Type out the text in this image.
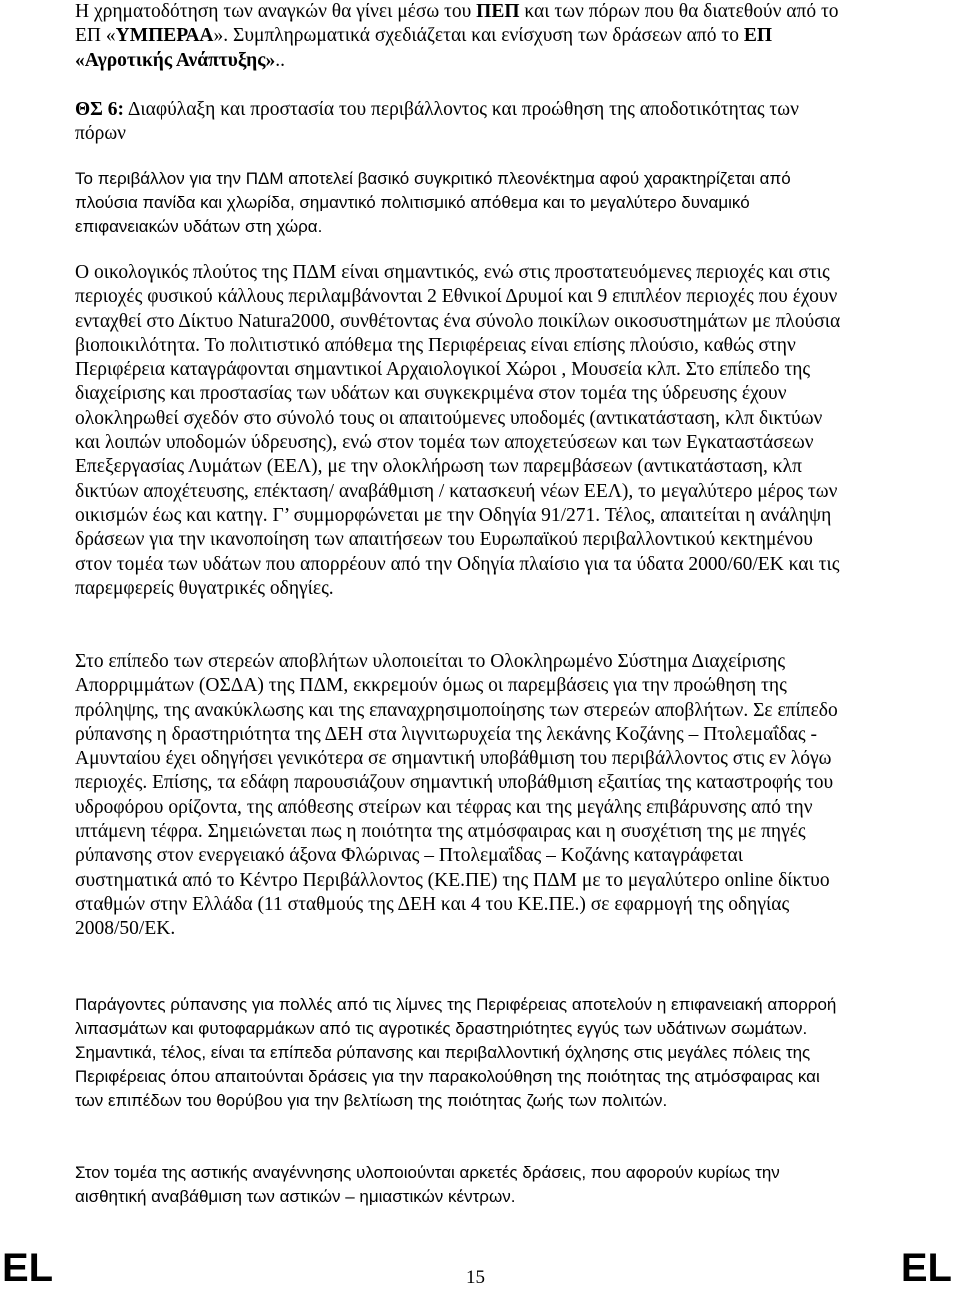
Η χρηματοδότηση των αναγκών θα γίνει μέσω του ΠΕΠ και των πόρων που θα διατεθούν από το ΕΠ «ΥΜΠΕΡΑΑ». Συμπληρωματικά σχεδιάζεται και ενίσχυση των δράσεων από το ΕΠ «Αγροτικής Ανάπτυξης»..

ΘΣ 6: Διαφύλαξη και προστασία του περιβάλλοντος και προώθηση της αποδοτικότητας των πόρων

Το περιβάλλον για την ΠΔΜ αποτελεί βασικό συγκριτικό πλεονέκτημα αφού χαρακτηρίζεται από πλούσια πανίδα και χλωρίδα, σημαντικό πολιτισμικό απόθεμα και το μεγαλύτερο δυναμικό επιφανειακών υδάτων στη χώρα.

Ο οικολογικός πλούτος της ΠΔΜ είναι σημαντικός, ενώ στις προστατευόμενες περιοχές και στις περιοχές φυσικού κάλλους περιλαμβάνονται 2 Εθνικοί Δρυμοί και 9 επιπλέον περιοχές που έχουν ενταχθεί στο Δίκτυο Natura2000, συνθέτοντας ένα σύνολο ποικίλων οικοσυστημάτων με πλούσια βιοποικιλότητα. Το πολιτιστικό απόθεμα της Περιφέρειας είναι επίσης πλούσιο, καθώς στην Περιφέρεια καταγράφονται σημαντικοί Αρχαιολογικοί Χώροι , Μουσεία κλπ. Στο επίπεδο της διαχείρισης και προστασίας των υδάτων και συγκεκριμένα στον τομέα της ύδρευσης έχουν ολοκληρωθεί σχεδόν στο σύνολό τους οι απαιτούμενες υποδομές (αντικατάσταση, κλπ δικτύων και λοιπών υποδομών ύδρευσης), ενώ στον τομέα των αποχετεύσεων και των Εγκαταστάσεων Επεξεργασίας Λυμάτων (ΕΕΛ), με την ολοκλήρωση των παρεμβάσεων (αντικατάσταση, κλπ δικτύων αποχέτευσης, επέκταση/ αναβάθμιση / κατασκευή νέων ΕΕΛ), το μεγαλύτερο μέρος των οικισμών έως και κατηγ. Γ’ συμμορφώνεται με την Οδηγία 91/271. Τέλος, απαιτείται η ανάληψη δράσεων για την ικανοποίηση των απαιτήσεων του Ευρωπαϊκού περιβαλλοντικού κεκτημένου στον τομέα των υδάτων που απορρέουν από την Οδηγία πλαίσιο για τα ύδατα 2000/60/ΕΚ και τις παρεμφερείς θυγατρικές οδηγίες.

Στο επίπεδο των στερεών αποβλήτων υλοποιείται το Ολοκληρωμένο Σύστημα Διαχείρισης Απορριμμάτων (ΟΣΔΑ) της ΠΔΜ, εκκρεμούν όμως οι παρεμβάσεις για την προώθηση της πρόληψης, της ανακύκλωσης και της επαναχρησιμοποίησης των στερεών αποβλήτων. Σε επίπεδο ρύπανσης η δραστηριότητα της ΔΕΗ στα λιγνιτωρυχεία της λεκάνης Κοζάνης – Πτολεμαΐδας - Αμυνταίου έχει οδηγήσει γενικότερα σε σημαντική υποβάθμιση του περιβάλλοντος στις εν λόγω περιοχές. Επίσης, τα εδάφη παρουσιάζουν σημαντική υποβάθμιση εξαιτίας της καταστροφής του υδροφόρου ορίζοντα, της απόθεσης στείρων και τέφρας και της μεγάλης επιβάρυνσης από την ιπτάμενη τέφρα. Σημειώνεται πως η ποιότητα της ατμόσφαιρας και η συσχέτιση της με πηγές ρύπανσης στον ενεργειακό άξονα Φλώρινας – Πτολεμαΐδας – Κοζάνης καταγράφεται συστηματικά από το Κέντρο Περιβάλλοντος (ΚΕ.ΠΕ) της ΠΔΜ με το μεγαλύτερο online δίκτυο σταθμών στην Ελλάδα (11 σταθμούς της ΔΕΗ και 4 του ΚΕ.ΠΕ.) σε εφαρμογή της οδηγίας 2008/50/ΕΚ.

Παράγοντες ρύπανσης για πολλές από τις λίμνες της Περιφέρειας αποτελούν η επιφανειακή απορροή λιπασμάτων και φυτοφαρμάκων από τις αγροτικές δραστηριότητες εγγύς των υδάτινων σωμάτων. Σημαντικά, τέλος, είναι τα επίπεδα ρύπανσης και περιβαλλοντική όχλησης στις μεγάλες πόλεις της Περιφέρειας όπου απαιτούνται δράσεις για την παρακολούθηση της ποιότητας της ατμόσφαιρας και των επιπέδων του θορύβου για την βελτίωση της ποιότητας ζωής των πολιτών.

Στον τομέα της αστικής αναγέννησης υλοποιούνται αρκετές δράσεις, που αφορούν κυρίως την αισθητική αναβάθμιση των αστικών – ημιαστικών κέντρων.

EL	15	EL
